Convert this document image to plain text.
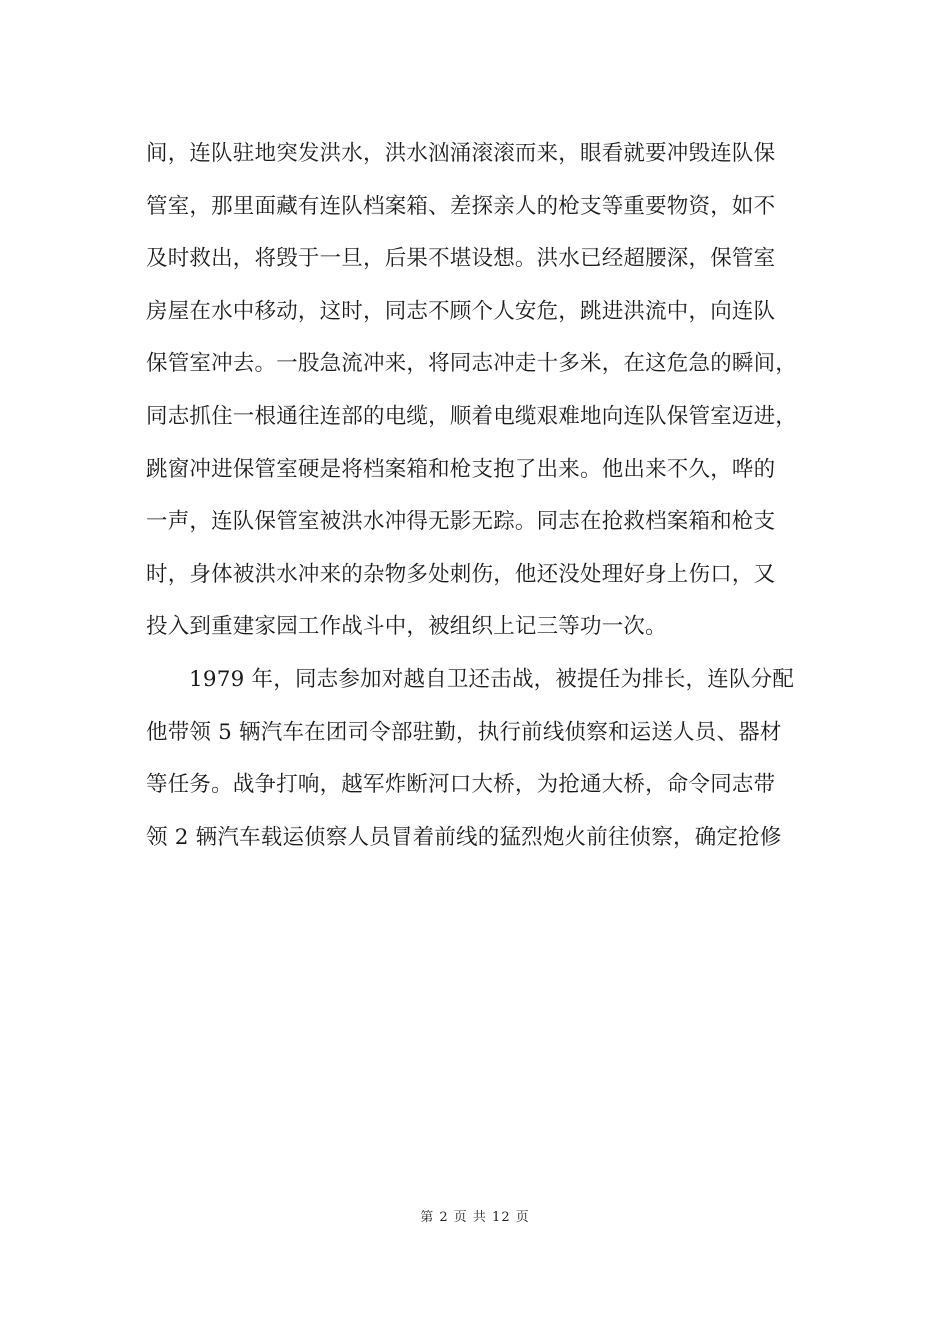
间，连队驻地突发洪水，洪水汹涌滚滚而来，眼看就要冲毁连队保
管室，那里面藏有连队档案箱、差探亲人的枪支等重要物资，如不
及时救出，将毁于一旦，后果不堪设想。洪水已经超腰深，保管室
房屋在水中移动，这时，同志不顾个人安危，跳进洪流中，向连队
保管室冲去。一股急流冲来，将同志冲走十多米，在这危急的瞬间，
同志抓住一根通往连部的电缆，顺着电缆艰难地向连队保管室迈进，
跳窗冲进保管室硬是将档案箱和枪支抱了出来。他出来不久，哗的
一声，连队保管室被洪水冲得无影无踪。同志在抢救档案箱和枪支
时，身体被洪水冲来的杂物多处刺伤，他还没处理好身上伤口，又
投入到重建家园工作战斗中，被组织上记三等功一次。
1979 年，同志参加对越自卫还击战，被提任为排长，连队分配
他带领 5 辆汽车在团司令部驻勤，执行前线侦察和运送人员、器材
等任务。战争打响，越军炸断河口大桥，为抢通大桥，命令同志带
领 2 辆汽车载运侦察人员冒着前线的猛烈炮火前往侦察，确定抢修
第 2 页 共 12 页
